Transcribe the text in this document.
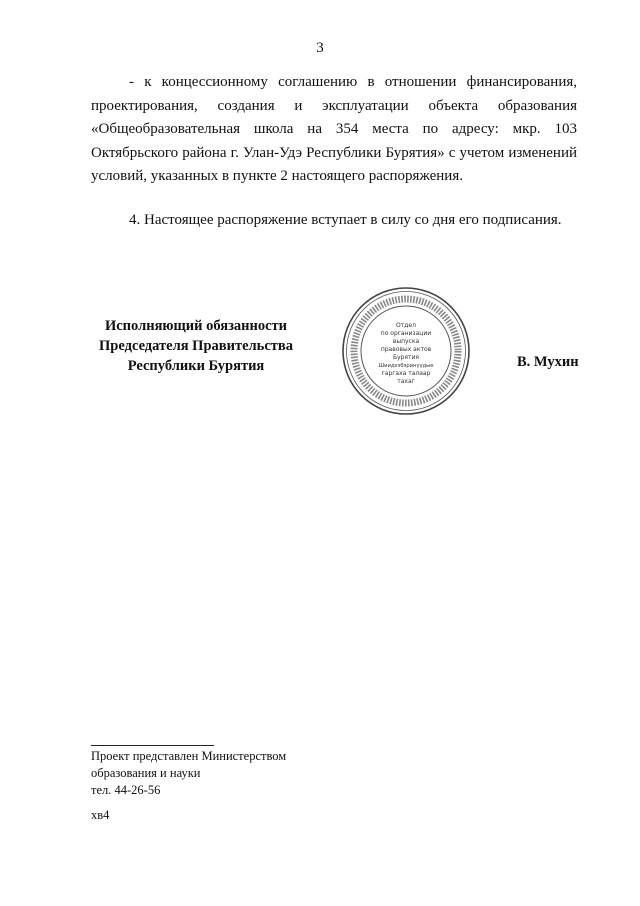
3

- к концессионному соглашению в отношении финансирования, проектирования, создания и эксплуатации объекта образования «Общеобразовательная школа на 354 места по адресу: мкр. 103 Октябрьского района г. Улан-Удэ Республики Бурятия» с учетом изменений условий, указанных в пункте 2 настоящего распоряжения.

4. Настоящее распоряжение вступает в силу со дня его подписания.

Исполняющий обязанности
Председателя Правительства
Республики Бурятия
Отдел
по организации
выпуска
правовых актов
Бурятия
Шиидхэбэринүүдые
гаргаха талаар
тахаг
В. Мухин
Проект представлен Министерством
образования и науки
тел. 44-26-56
хв4
